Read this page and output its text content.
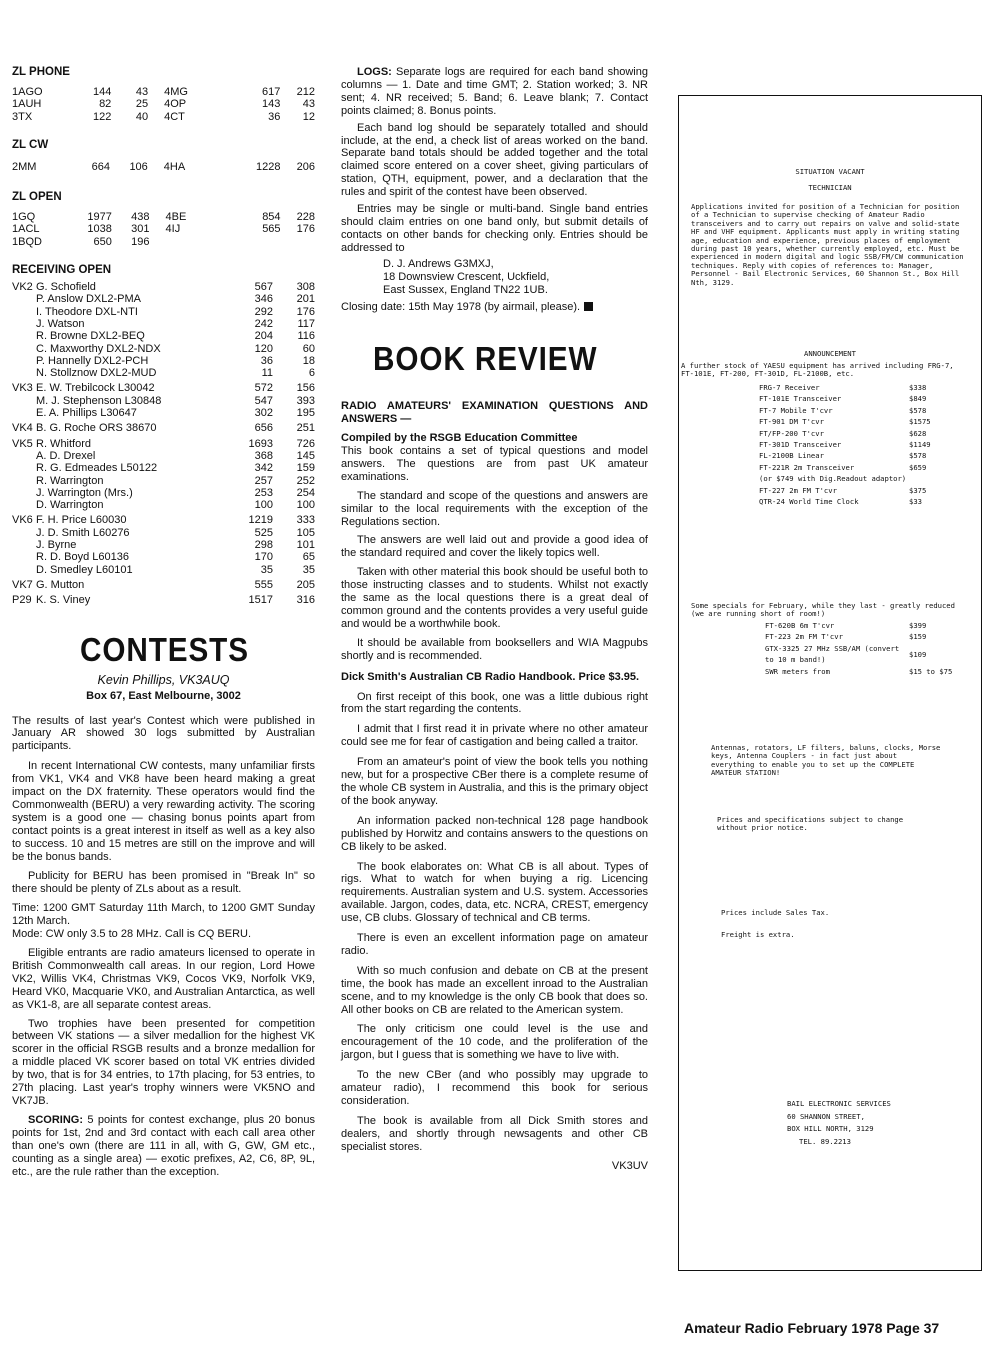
ZL PHONE

1AGO	144	43	4MG	617	212
1AUH	82	25	4OP	143	43
3TX	122	40	4CT	36	12

ZL CW

2MM	664	106	4HA	1228	206

ZL OPEN

1GQ	1977	438	4BE	854	228
1ACL	1038	301	4IJ	565	176
1BQD	650	196			

RECEIVING OPEN

VK2	G. Schofield	567	308
	P. Anslow DXL2-PMA	346	201
	I. Theodore DXL-NTI	292	176
	J. Watson	242	117
	R. Browne DXL2-BEQ	204	116
	C. Maxworthy DXL2-NDX	120	60
	P. Hannelly DXL2-PCH	36	18
	N. Stollznow DXL2-MUD	11	6
VK3	E. W. Trebilcock L30042	572	156
	M. J. Stephenson L30848	547	393
	E. A. Phillips L30647	302	195
VK4	B. G. Roche ORS 38670	656	251
VK5	R. Whitford	1693	726
	A. D. Drexel	368	145
	R. G. Edmeades L50122	342	159
	R. Warrington	257	252
	J. Warrington (Mrs.)	253	254
	D. Warrington	100	100
VK6	F. H. Price L60030	1219	333
	J. D. Smith L60276	525	105
	J. Byrne	298	101
	R. D. Boyd L60136	170	65
	D. Smedley L60101	35	35
VK7	G. Mutton	555	205
P29	K. S. Viney	1517	316

CONTESTS

Kevin Phillips, VK3AUQ

Box 67, East Melbourne, 3002

The results of last year's Contest which were published in January AR showed 30 logs submitted by Australian participants.

In recent International CW contests, many unfamiliar firsts from VK1, VK4 and VK8 have been heard making a great impact on the DX fraternity. These operators would find the Commonwealth (BERU) a very rewarding activity. The scoring system is a good one — chasing bonus points apart from contact points is a great interest in itself as well as a key also to success. 10 and 15 metres are still on the improve and will be the bonus bands.

Publicity for BERU has been promised in "Break In" so there should be plenty of ZLs about as a result.

Time: 1200 GMT Saturday 11th March, to 1200 GMT Sunday 12th March.

Mode: CW only 3.5 to 28 MHz. Call is CQ BERU.

Eligible entrants are radio amateurs licensed to operate in British Commonwealth call areas. In our region, Lord Howe VK2, Willis VK4, Christmas VK9, Cocos VK9, Norfolk VK9, Heard VK0, Macquarie VK0, and Australian Antarctica, as well as VK1-8, are all separate contest areas.

Two trophies have been presented for competition between VK stations — a silver medallion for the highest VK scorer in the official RSGB results and a bronze medallion for a middle placed VK scorer based on total VK entries divided by two, that is for 34 entries, to 17th placing, for 53 entries, to 27th placing. Last year's trophy winners were VK5NO and VK7JB.

SCORING: 5 points for contest exchange, plus 20 bonus points for 1st, 2nd and 3rd contact with each call area other than one's own (there are 111 in all, with G, GW, GM etc., counting as a single area) — exotic prefixes, A2, C6, 8P, 9L, etc., are the rule rather than the exception.

LOGS: Separate logs are required for each band showing columns — 1. Date and time GMT; 2. Station worked; 3. NR sent; 4. NR received; 5. Band; 6. Leave blank; 7. Contact points claimed; 8. Bonus points.

Each band log should be separately totalled and should include, at the end, a check list of areas worked on the band. Separate band totals should be added together and the total claimed score entered on a cover sheet, giving particulars of station, QTH, equipment, power, and a declaration that the rules and spirit of the contest have been observed.

Entries may be single or multi-band. Single band entries should claim entries on one band only, but submit details of contacts on other bands for checking only. Entries should be addressed to

D. J. Andrews G3MXJ,

18 Downsview Crescent, Uckfield,

East Sussex, England TN22 1UB.

Closing date: 15th May 1978 (by airmail, please).

BOOK REVIEW

RADIO AMATEURS' EXAMINATION QUESTIONS AND ANSWERS —

Compiled by the RSGB Education Committee

This book contains a set of typical questions and model answers. The questions are from past UK amateur examinations.

The standard and scope of the questions and answers are similar to the local requirements with the exception of the Regulations section.

The answers are well laid out and provide a good idea of the standard required and cover the likely topics well.

Taken with other material this book should be useful both to those instructing classes and to students. Whilst not exactly the same as the local questions there is a great deal of common ground and the contents provides a very useful guide and would be a worthwhile book.

It should be available from booksellers and WIA Magpubs shortly and is recommended.

Dick Smith's Australian CB Radio Handbook. Price $3.95.

On first receipt of this book, one was a little dubious right from the start regarding the contents.

I admit that I first read it in private where no other amateur could see me for fear of castigation and being called a traitor.

From an amateur's point of view the book tells you nothing new, but for a prospective CBer there is a complete resume of the whole CB system in Australia, and this is the primary object of the book anyway.

An information packed non-technical 128 page handbook published by Horwitz and contains answers to the questions on CB likely to be asked.

The book elaborates on: What CB is all about. Types of rigs. What to watch for when buying a rig. Licencing requirements. Australian system and U.S. system. Accessories available. Jargon, codes, data, etc. NCRA, CREST, emergency use, CB clubs. Glossary of technical and CB terms.

There is even an excellent information page on amateur radio.

With so much confusion and debate on CB at the present time, the book has made an excellent inroad to the Australian scene, and to my knowledge is the only CB book that does so. All other books on CB are related to the American system.

The only criticism one could level is the use and encouragement of the 10 code, and the proliferation of the jargon, but I guess that is something we have to live with.

To the new CBer (and who possibly may upgrade to amateur radio), I recommend this book for serious consideration.

The book is available from all Dick Smith stores and dealers, and shortly through newsagents and other CB specialist stores.

VK3UV

SITUATION VACANT

TECHNICIAN

Applications invited for position of a Technician for position of a Technician to supervise checking of Amateur Radio transceivers and to carry out repairs on valve and solid-state HF and VHF equipment. Applicants must apply in writing stating age, education and experience, previous places of employment during past 10 years, whether currently employed, etc. Must be experienced in modern digital and logic SSB/FM/CW communication techniques. Reply with copies of references to: Manager, Personnel - Bail Electronic Services, 60 Shannon St., Box Hill Nth, 3129.

ANNOUNCEMENT

A further stock of YAESU equipment has arrived including FRG-7, FT-101E, FT-200, FT-301D, FL-2100B, etc.

FRG-7 Receiver	$338
FT-101E Transceiver	$849
FT-7 Mobile T'cvr	$578
FT-901 DM T'cvr	$1575
FT/FP-200 T'cvr	$628
FT-301D Transceiver	$1149
FL-2100B Linear	$578
FT-221R 2m Transceiver	$659
(or $749 with Dig.Readout adaptor)	
FT-227 2m FM T'cvr	$375
QTR-24 World Time Clock	$33

Some specials for February, while they last - greatly reduced (we are running short of room!)

FT-620B 6m T'cvr	$399
FT-223 2m FM T'cvr	$159
GTX-3325 27 MHz SSB/AM (convert to 10 m band!)	$109
SWR meters from	$15 to $75

Antennas, rotators, LF filters, baluns, clocks, Morse keys, Antenna Couplers - in fact just about everything to enable you to set up the COMPLETE AMATEUR STATION!

Prices and specifications subject to change without prior notice.

Prices include Sales Tax.

Freight is extra.

BAIL ELECTRONIC SERVICES
60 SHANNON STREET,
BOX HILL NORTH, 3129
TEL. 89.2213
Amateur Radio February 1978 Page 37
